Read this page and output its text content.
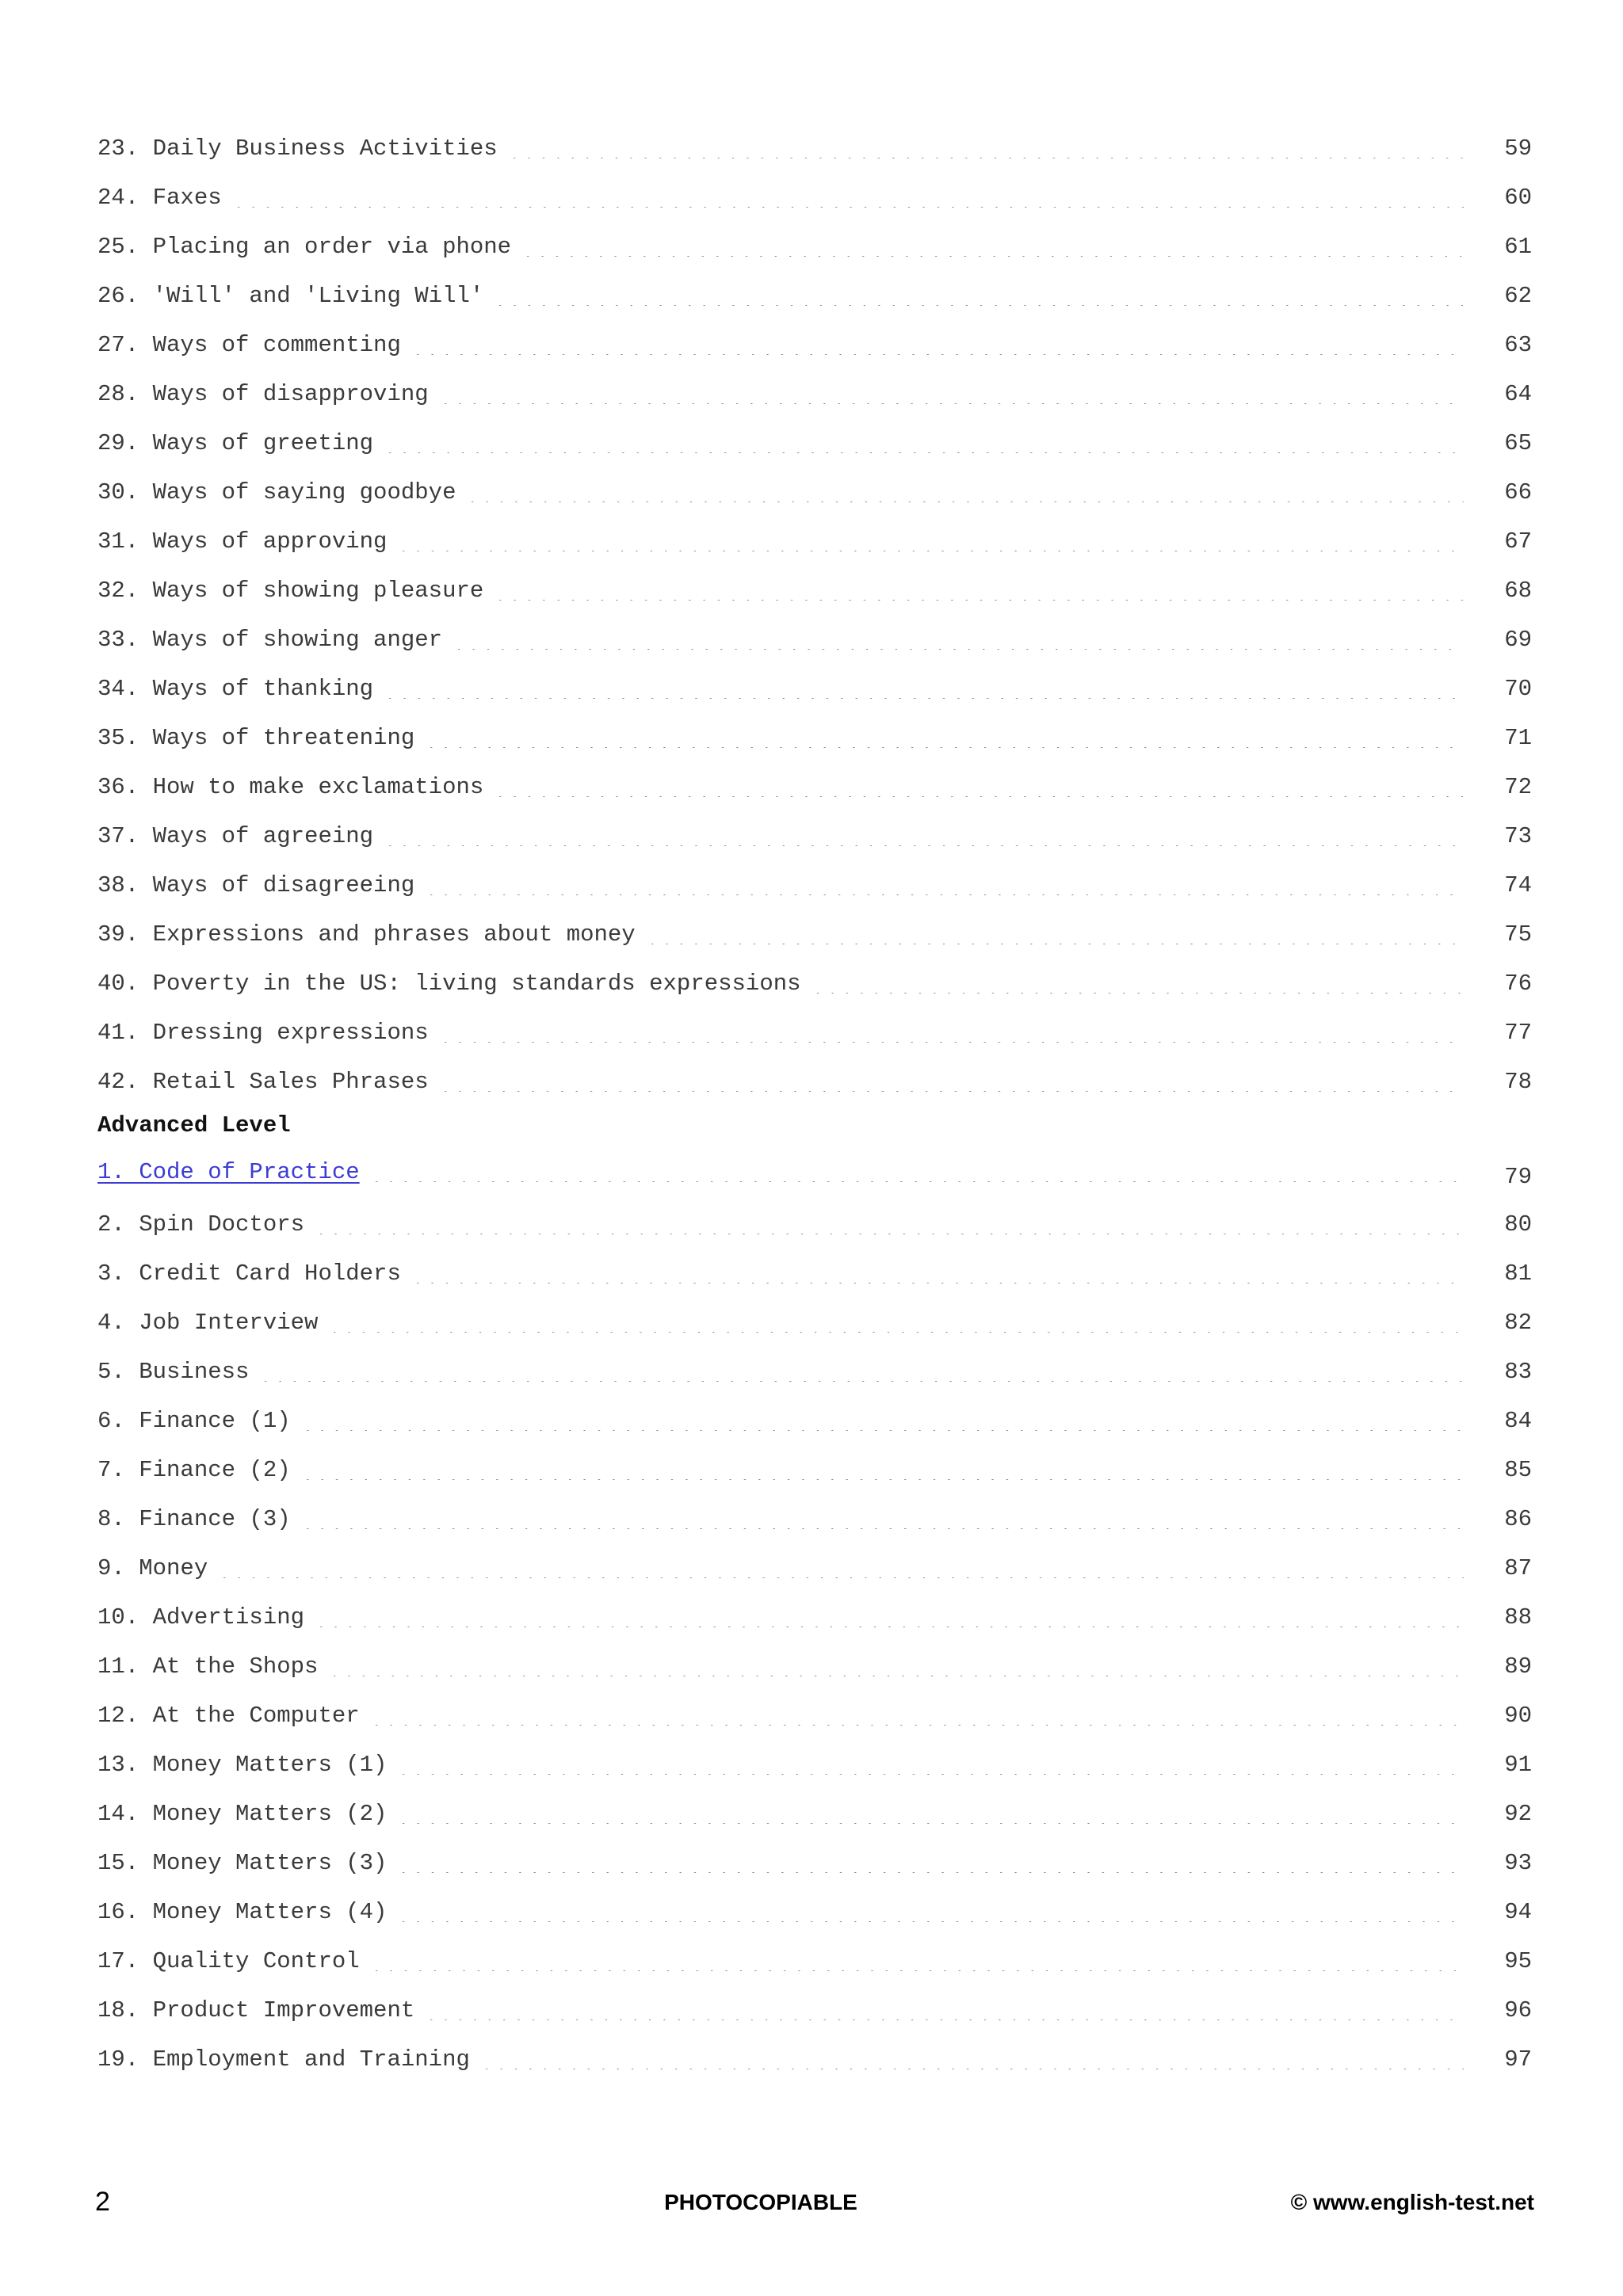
23. Daily Business Activities	59
24. Faxes	60
25. Placing an order via phone	61
26. 'Will' and 'Living Will'	62
27. Ways of commenting	63
28. Ways of disapproving	64
29. Ways of greeting	65
30. Ways of saying goodbye	66
31. Ways of approving	67
32. Ways of showing pleasure	68
33. Ways of showing anger	69
34. Ways of thanking	70
35. Ways of threatening	71
36. How to make exclamations	72
37. Ways of agreeing	73
38. Ways of disagreeing	74
39. Expressions and phrases about money	75
40. Poverty in the US: living standards expressions	76
41. Dressing expressions	77
42. Retail Sales Phrases	78
Advanced Level
1. Code of Practice	79
2. Spin Doctors	80
3. Credit Card Holders	81
4. Job Interview	82
5. Business	83
6. Finance (1)	84
7. Finance (2)	85
8. Finance (3)	86
9. Money	87
10. Advertising	88
11. At the Shops	89
12. At the Computer	90
13. Money Matters (1)	91
14. Money Matters (2)	92
15. Money Matters (3)	93
16. Money Matters (4)	94
17. Quality Control	95
18. Product Improvement	96
19. Employment and Training	97
2	PHOTOCOPIABLE	© www.english-test.net
